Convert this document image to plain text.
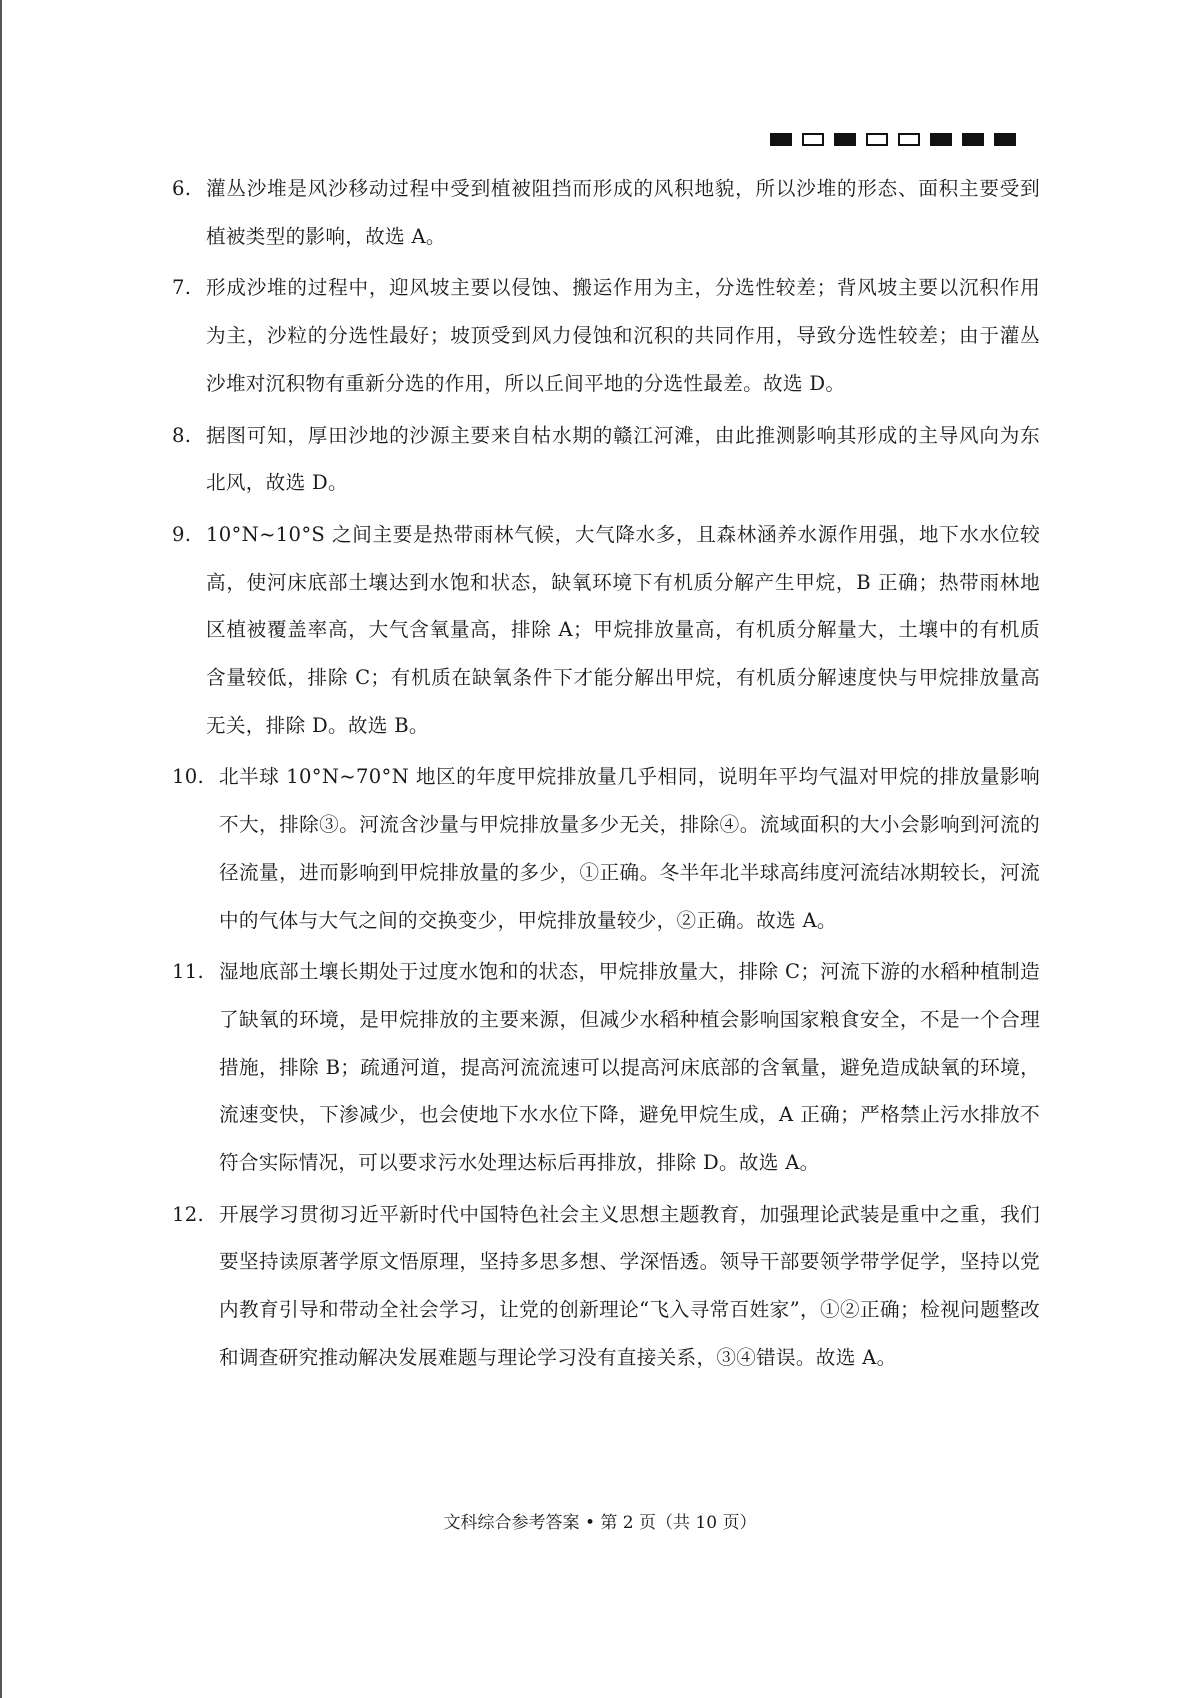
6. 灌丛沙堆是风沙移动过程中受到植被阻挡而形成的风积地貌，所以沙堆的形态、面积主要受到植被类型的影响，故选 A。
7. 形成沙堆的过程中，迎风坡主要以侵蚀、搬运作用为主，分选性较差；背风坡主要以沉积作用为主，沙粒的分选性最好；坡顶受到风力侵蚀和沉积的共同作用，导致分选性较差；由于灌丛沙堆对沉积物有重新分选的作用，所以丘间平地的分选性最差。故选 D。
8. 据图可知，厚田沙地的沙源主要来自枯水期的赣江河滩，由此推测影响其形成的主导风向为东北风，故选 D。
9. 10°N~10°S 之间主要是热带雨林气候，大气降水多，且森林涵养水源作用强，地下水水位较高，使河床底部土壤达到水饱和状态，缺氧环境下有机质分解产生甲烷，B 正确；热带雨林地区植被覆盖率高，大气含氧量高，排除 A；甲烷排放量高，有机质分解量大，土壤中的有机质含量较低，排除 C；有机质在缺氧条件下才能分解出甲烷，有机质分解速度快与甲烷排放量高无关，排除 D。故选 B。
10. 北半球 10°N~70°N 地区的年度甲烷排放量几乎相同，说明年平均气温对甲烷的排放量影响不大，排除③。河流含沙量与甲烷排放量多少无关，排除④。流域面积的大小会影响到河流的径流量，进而影响到甲烷排放量的多少，①正确。冬半年北半球高纬度河流结冰期较长，河流中的气体与大气之间的交换变少，甲烷排放量较少，②正确。故选 A。
11. 湿地底部土壤长期处于过度水饱和的状态，甲烷排放量大，排除 C；河流下游的水稻种植制造了缺氧的环境，是甲烷排放的主要来源，但减少水稻种植会影响国家粮食安全，不是一个合理措施，排除 B；疏通河道，提高河流流速可以提高河床底部的含氧量，避免造成缺氧的环境，流速变快，下渗减少，也会使地下水水位下降，避免甲烷生成，A 正确；严格禁止污水排放不符合实际情况，可以要求污水处理达标后再排放，排除 D。故选 A。
12. 开展学习贯彻习近平新时代中国特色社会主义思想主题教育，加强理论武装是重中之重，我们要坚持读原著学原文悟原理，坚持多思多想、学深悟透。领导干部要领学带学促学，坚持以党内教育引导和带动全社会学习，让党的创新理论“飞入寻常百姓家”，①②正确；检视问题整改和调查研究推动解决发展难题与理论学习没有直接关系，③④错误。故选 A。
文科综合参考答案 • 第 2 页（共 10 页）
